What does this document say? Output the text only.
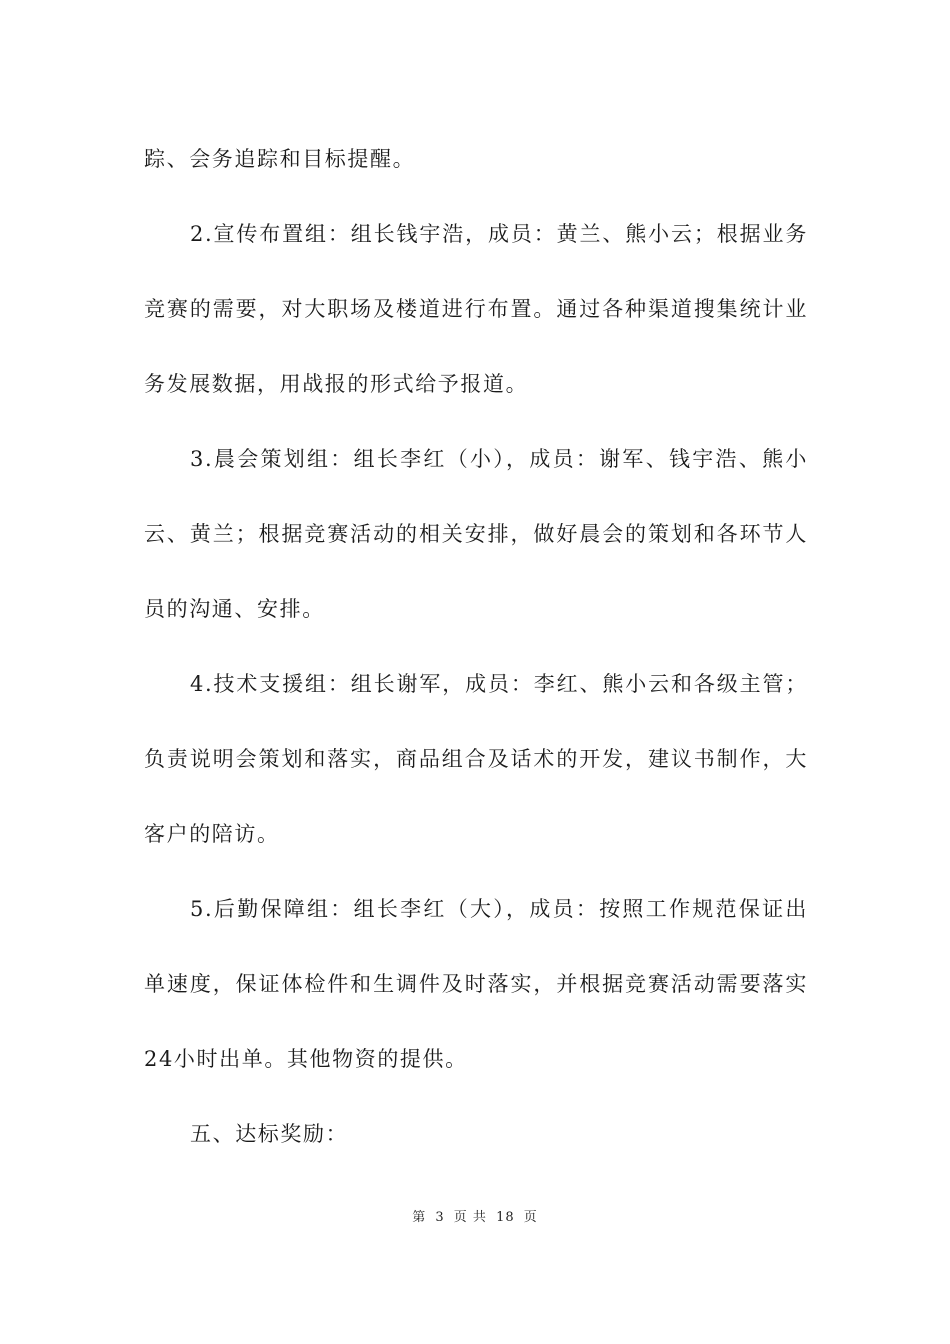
踪、会务追踪和目标提醒。

2.宣传布置组：组长钱宇浩，成员：黄兰、熊小云；根据业务竞赛的需要，对大职场及楼道进行布置。通过各种渠道搜集统计业务发展数据，用战报的形式给予报道。

3.晨会策划组：组长李红（小），成员：谢军、钱宇浩、熊小云、黄兰；根据竞赛活动的相关安排，做好晨会的策划和各环节人员的沟通、安排。

4.技术支援组：组长谢军，成员：李红、熊小云和各级主管；负责说明会策划和落实，商品组合及话术的开发，建议书制作，大客户的陪访。

5.后勤保障组：组长李红（大），成员：按照工作规范保证出单速度，保证体检件和生调件及时落实，并根据竞赛活动需要落实24小时出单。其他物资的提供。

五、达标奖励：

第 3 页 共 18 页
